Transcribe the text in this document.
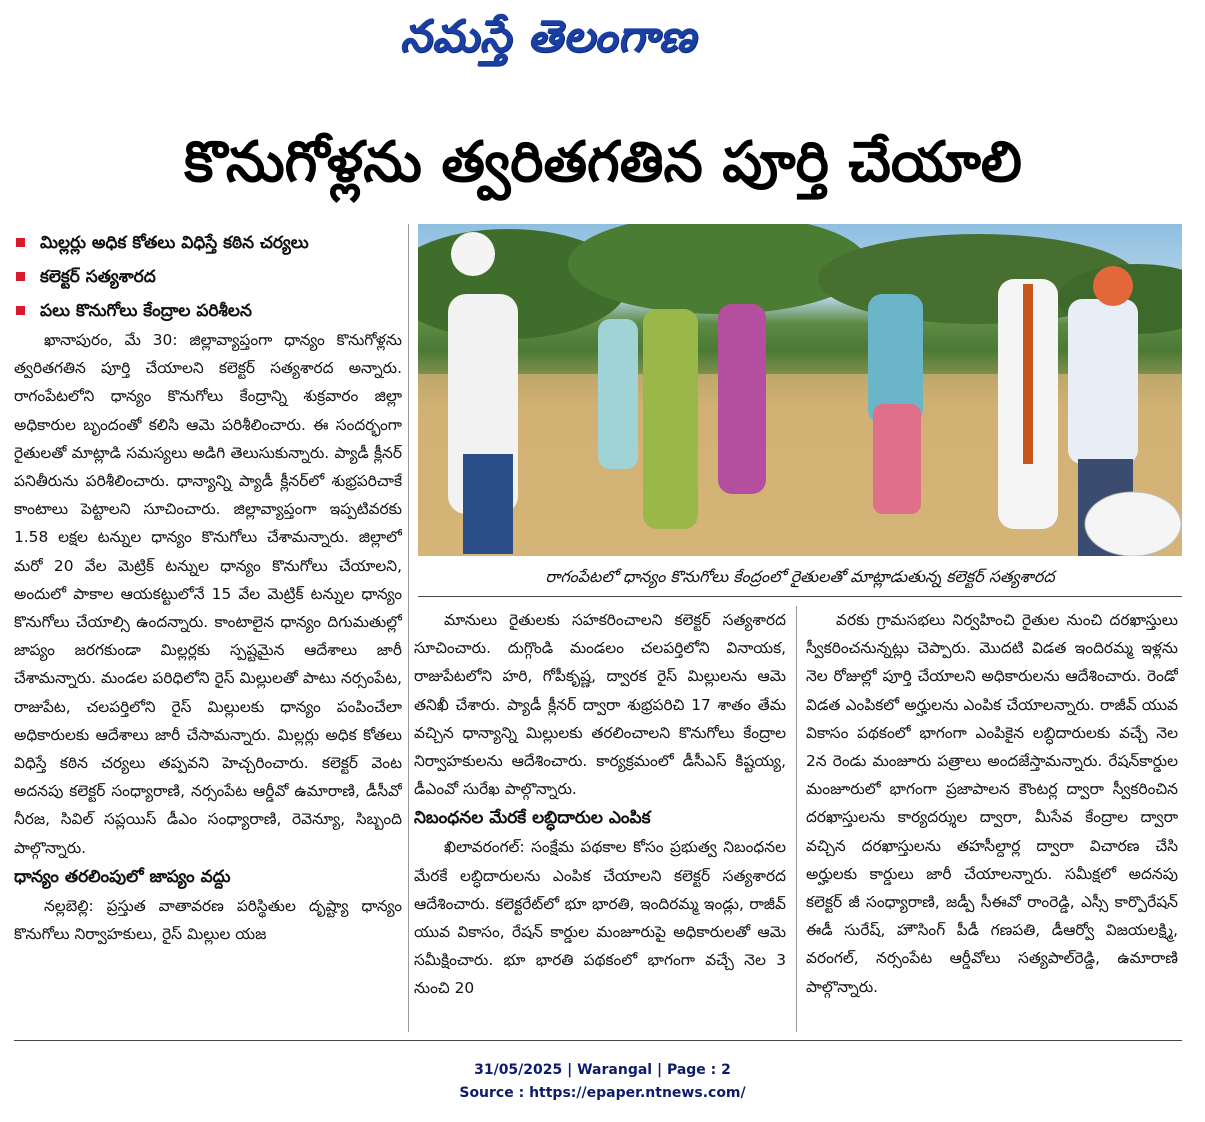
నమస్తే తెలంగాణ
కొనుగోళ్లను త్వరితగతిన పూర్తి చేయాలి
మిల్లర్లు అధిక కోతలు విధిస్తే కఠిన చర్యలు
కలెక్టర్ సత్యశారద
పలు కొనుగోలు కేంద్రాల పరిశీలన

ఖానాపురం, మే 30: జిల్లావ్యాప్తంగా ధాన్యం కొనుగోళ్లను త్వరితగతిన పూర్తి చేయాలని కలెక్టర్ సత్యశారద అన్నారు. రాగంపేటలోని ధాన్యం కొనుగోలు కేంద్రాన్ని శుక్రవారం జిల్లా అధికారుల బృందంతో కలిసి ఆమె పరిశీలించారు. ఈ సందర్భంగా రైతులతో మాట్లాడి సమస్యలు అడిగి తెలుసుకున్నారు. ప్యాడీ క్లీనర్ పనితీరును పరిశీలించారు. ధాన్యాన్ని ప్యాడీ క్లీనర్‌లో శుభ్రపరిచాకే కాంటాలు పెట్టాలని సూచించారు. జిల్లావ్యాప్తంగా ఇప్పటివరకు 1.58 లక్షల టన్నుల ధాన్యం కొనుగోలు చేశామన్నారు. జిల్లాలో మరో 20 వేల మెట్రిక్ టన్నుల ధాన్యం కొనుగోలు చేయాలని, అందులో పాకాల ఆయకట్టులోనే 15 వేల మెట్రిక్ టన్నుల ధాన్యం కొనుగోలు చేయాల్సి ఉందన్నారు. కాంటాలైన ధాన్యం దిగుమతుల్లో జాప్యం జరగకుండా మిల్లర్లకు స్పష్టమైన ఆదేశాలు జారీ చేశామన్నారు. మండల పరిధిలోని రైస్ మిల్లులతో పాటు నర్సంపేట, రాజుపేట, చలపర్తిలోని రైస్ మిల్లులకు ధాన్యం పంపించేలా అధికారులకు ఆదేశాలు జారీ చేసామన్నారు. మిల్లర్లు అధిక కోతలు విధిస్తే కఠిన చర్యలు తప్పవని హెచ్చరించారు. కలెక్టర్ వెంట అదనపు కలెక్టర్ సంధ్యారాణి, నర్సంపేట ఆర్డీవో ఉమారాణి, డీసీవో నీరజ, సివిల్ సప్లయిస్ డీఎం సంధ్యారాణి, రెవెన్యూ, సిబ్బంది పాల్గొన్నారు.

ధాన్యం తరలింపులో జాప్యం వద్దు

నల్లబెల్లి: ప్రస్తుత వాతావరణ పరిస్థితుల దృష్ట్యా ధాన్యం కొనుగోలు నిర్వాహకులు, రైస్ మిల్లుల యజ

రాగంపేటలో ధాన్యం కొనుగోలు కేంద్రంలో రైతులతో మాట్లాడుతున్న కలెక్టర్ సత్యశారద

మానులు రైతులకు సహకరించాలని కలెక్టర్ సత్యశారద సూచించారు. దుగ్గొండి మండలం చలపర్తిలోని వినాయక, రాజుపేటలోని హరి, గోపీకృష్ణ, ద్వారక రైస్ మిల్లులను ఆమె తనిఖీ చేశారు. ప్యాడీ క్లీనర్ ద్వారా శుభ్రపరిచి 17 శాతం తేమ వచ్చిన ధాన్యాన్ని మిల్లులకు తరలించాలని కొనుగోలు కేంద్రాల నిర్వాహకులను ఆదేశించారు. కార్యక్రమంలో డీసీఎస్ కిష్టయ్య, డీఎంవో సురేఖ పాల్గొన్నారు.

నిబంధనల మేరకే లబ్ధిదారుల ఎంపిక

ఖిలావరంగల్: సంక్షేమ పథకాల కోసం ప్రభుత్వ నిబంధనల మేరకే లబ్ధిదారులను ఎంపిక చేయాలని కలెక్టర్ సత్యశారద ఆదేశించారు. కలెక్టరేట్‌లో భూ భారతి, ఇందిరమ్మ ఇండ్లు, రాజీవ్ యువ వికాసం, రేషన్ కార్డుల మంజూరుపై అధికారులతో ఆమె సమీక్షించారు. భూ భారతి పథకంలో భాగంగా వచ్చే నెల 3 నుంచి 20

వరకు గ్రామసభలు నిర్వహించి రైతుల నుంచి దరఖాస్తులు స్వీకరించనున్నట్లు చెప్పారు. మొదటి విడత ఇందిరమ్మ ఇళ్లను నెల రోజుల్లో పూర్తి చేయాలని అధికారులను ఆదేశించారు. రెండో విడత ఎంపికలో అర్హులను ఎంపిక చేయాలన్నారు. రాజీవ్ యువ వికాసం పథకంలో భాగంగా ఎంపికైన లబ్ధిదారులకు వచ్చే నెల 2న రెండు మంజూరు పత్రాలు అందజేస్తామన్నారు. రేషన్‌కార్డుల మంజూరులో భాగంగా ప్రజాపాలన కౌంటర్ల ద్వారా స్వీకరించిన దరఖాస్తులను కార్యదర్శుల ద్వారా, మీసేవ కేంద్రాల ద్వారా వచ్చిన దరఖాస్తులను తహసీల్దార్ల ద్వారా విచారణ చేసి అర్హులకు కార్డులు జారీ చేయాలన్నారు. సమీక్షలో అదనపు కలెక్టర్ జీ సంధ్యారాణి, జడ్పీ సీఈవో రాంరెడ్డి, ఎస్సీ కార్పొరేషన్ ఈడీ సురేష్, హౌసింగ్ పీడీ గణపతి, డీఆర్వో విజయలక్ష్మి, వరంగల్, నర్సంపేట ఆర్డీవోలు సత్యపాల్‌రెడ్డి, ఉమారాణి పాల్గొన్నారు.

31/05/2025 | Warangal | Page : 2
Source : https://epaper.ntnews.com/
